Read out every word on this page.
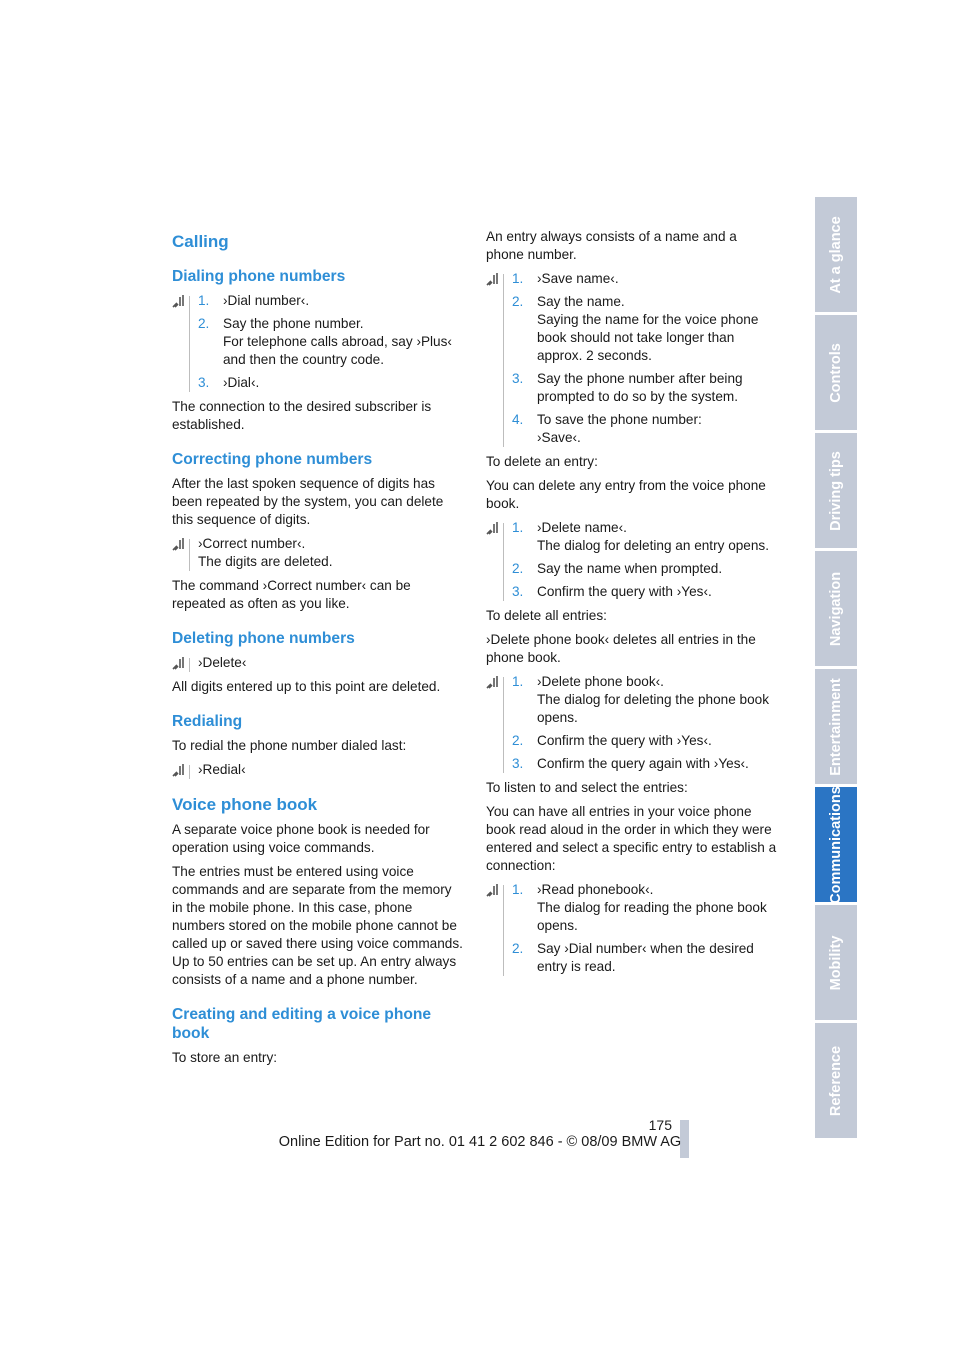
Calling
Dialing phone numbers
1. ›Dial number‹.
2. Say the phone number.
For telephone calls abroad, say ›Plus‹ and then the country code.
3. ›Dial‹.

The connection to the desired subscriber is established.

Correcting phone numbers

After the last spoken sequence of digits has been repeated by the system, you can delete this sequence of digits.

›Correct number‹.
The digits are deleted.

The command ›Correct number‹ can be repeated as often as you like.

Deleting phone numbers
›Delete‹

All digits entered up to this point are deleted.

Redialing

To redial the phone number dialed last:

›Redial‹
Voice phone book

A separate voice phone book is needed for operation using voice commands.

The entries must be entered using voice commands and are separate from the memory in the mobile phone. In this case, phone numbers stored on the mobile phone cannot be called up or saved there using voice commands. Up to 50 entries can be set up. An entry always consists of a name and a phone number.

Creating and editing a voice phone book

To store an entry:

An entry always consists of a name and a phone number.

1. ›Save name‹.
2. Say the name.
Saying the name for the voice phone book should not take longer than approx. 2 seconds.
3. Say the phone number after being prompted to do so by the system.
4. To save the phone number:
›Save‹.

To delete an entry:

You can delete any entry from the voice phone book.

1. ›Delete name‹.
The dialog for deleting an entry opens.
2. Say the name when prompted.
3. Confirm the query with ›Yes‹.

To delete all entries:

›Delete phone book‹ deletes all entries in the phone book.

1. ›Delete phone book‹.
The dialog for deleting the phone book opens.
2. Confirm the query with ›Yes‹.
3. Confirm the query again with ›Yes‹.

To listen to and select the entries:

You can have all entries in your voice phone book read aloud in the order in which they were entered and select a specific entry to establish a connection:

1. ›Read phonebook‹.
The dialog for reading the phone book opens.
2. Say ›Dial number‹ when the desired entry is read.
At a glance
Controls
Driving tips
Navigation
Entertainment
Communications
Mobility
Reference
175
Online Edition for Part no. 01 41 2 602 846 - © 08/09 BMW AG
